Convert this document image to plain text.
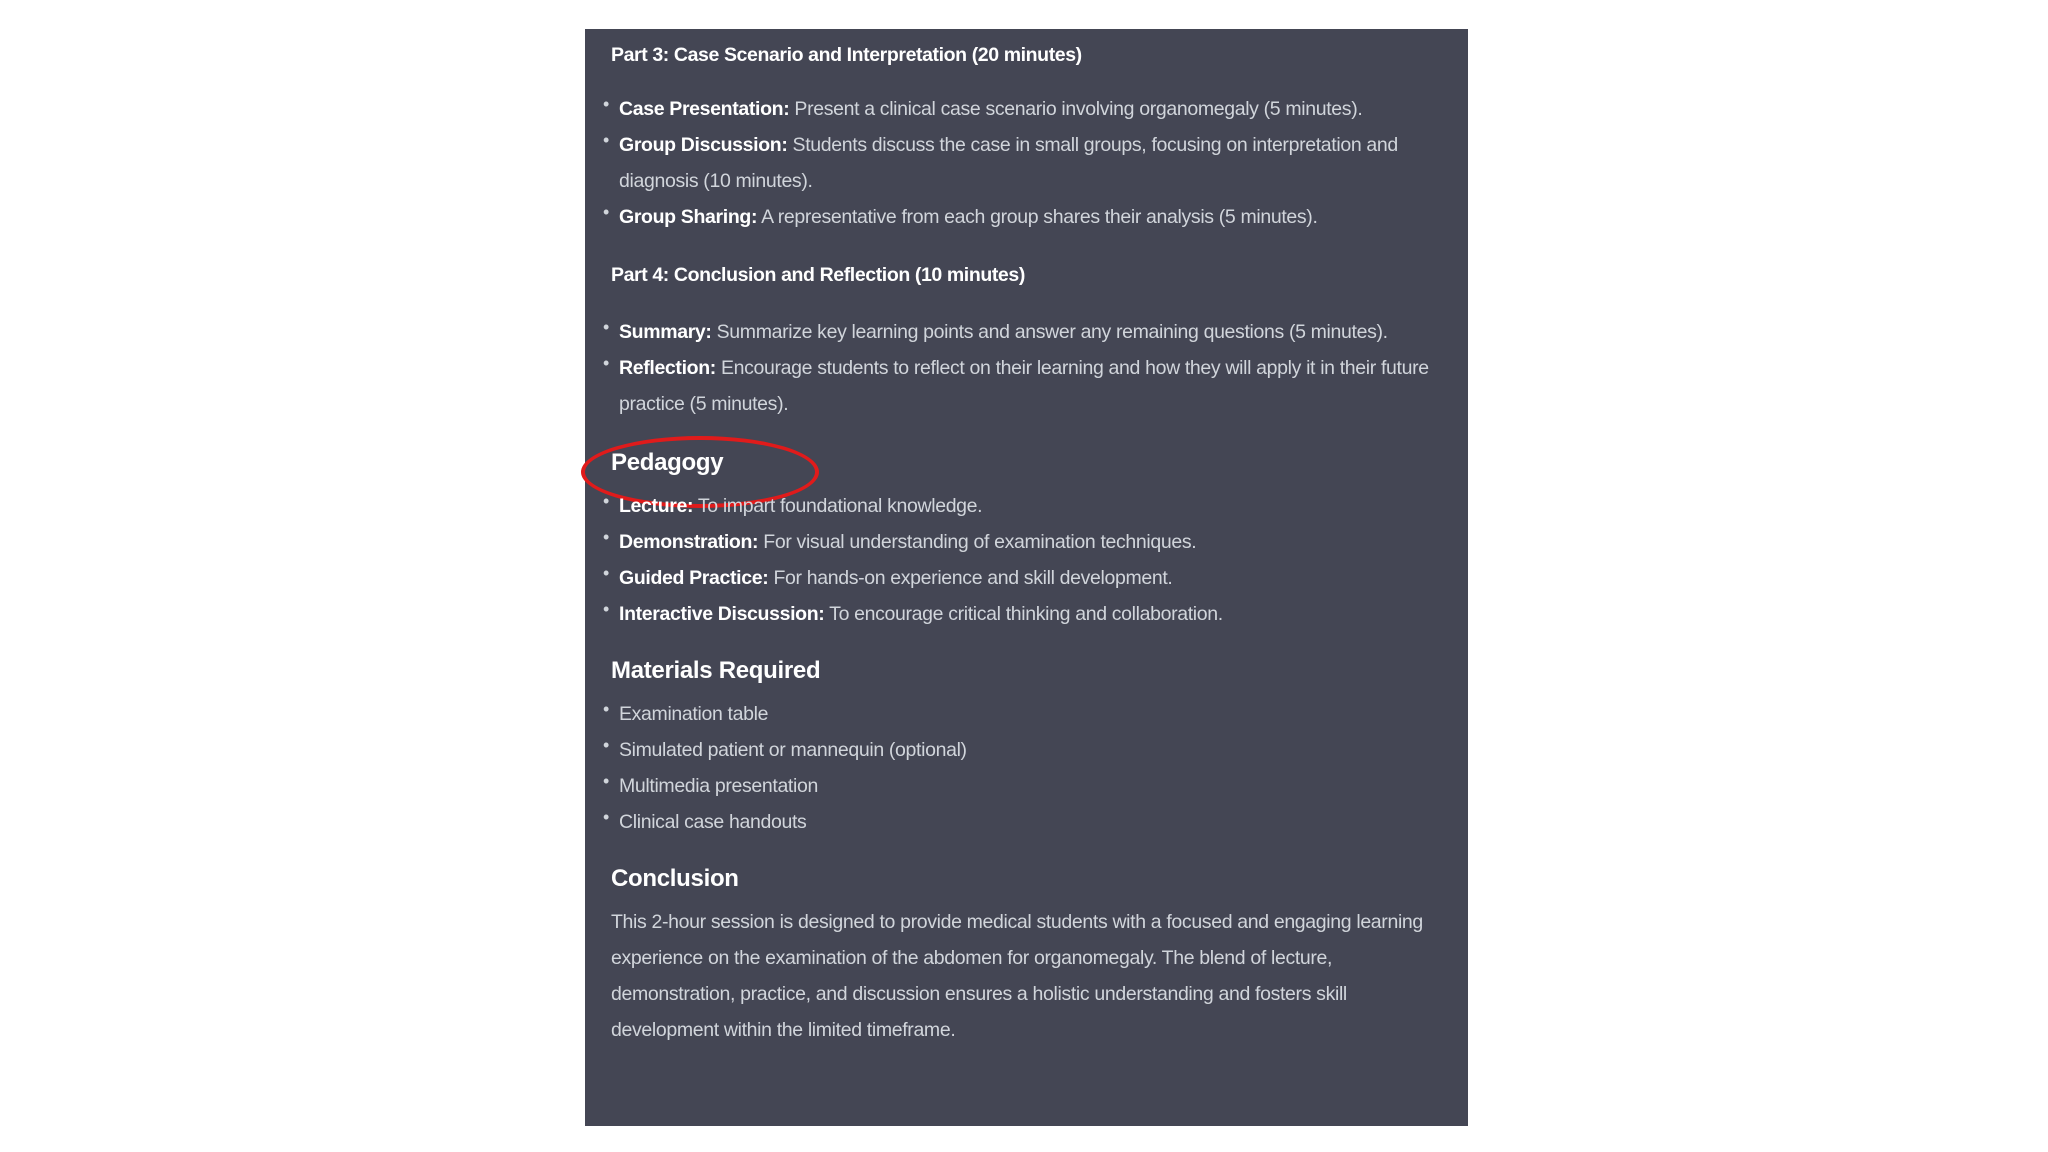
Part 3: Case Scenario and Interpretation (20 minutes)
• Case Presentation: Present a clinical case scenario involving organomegaly (5 minutes).
• Group Discussion: Students discuss the case in small groups, focusing on interpretation and diagnosis (10 minutes).
• Group Sharing: A representative from each group shares their analysis (5 minutes).
Part 4: Conclusion and Reflection (10 minutes)
• Summary: Summarize key learning points and answer any remaining questions (5 minutes).
• Reflection: Encourage students to reflect on their learning and how they will apply it in their future practice (5 minutes).
Pedagogy
• Lecture: To impart foundational knowledge.
• Demonstration: For visual understanding of examination techniques.
• Guided Practice: For hands-on experience and skill development.
• Interactive Discussion: To encourage critical thinking and collaboration.
Materials Required
• Examination table
• Simulated patient or mannequin (optional)
• Multimedia presentation
• Clinical case handouts
Conclusion

This 2-hour session is designed to provide medical students with a focused and engaging learning experience on the examination of the abdomen for organomegaly. The blend of lecture, demonstration, practice, and discussion ensures a holistic understanding and fosters skill development within the limited timeframe.
